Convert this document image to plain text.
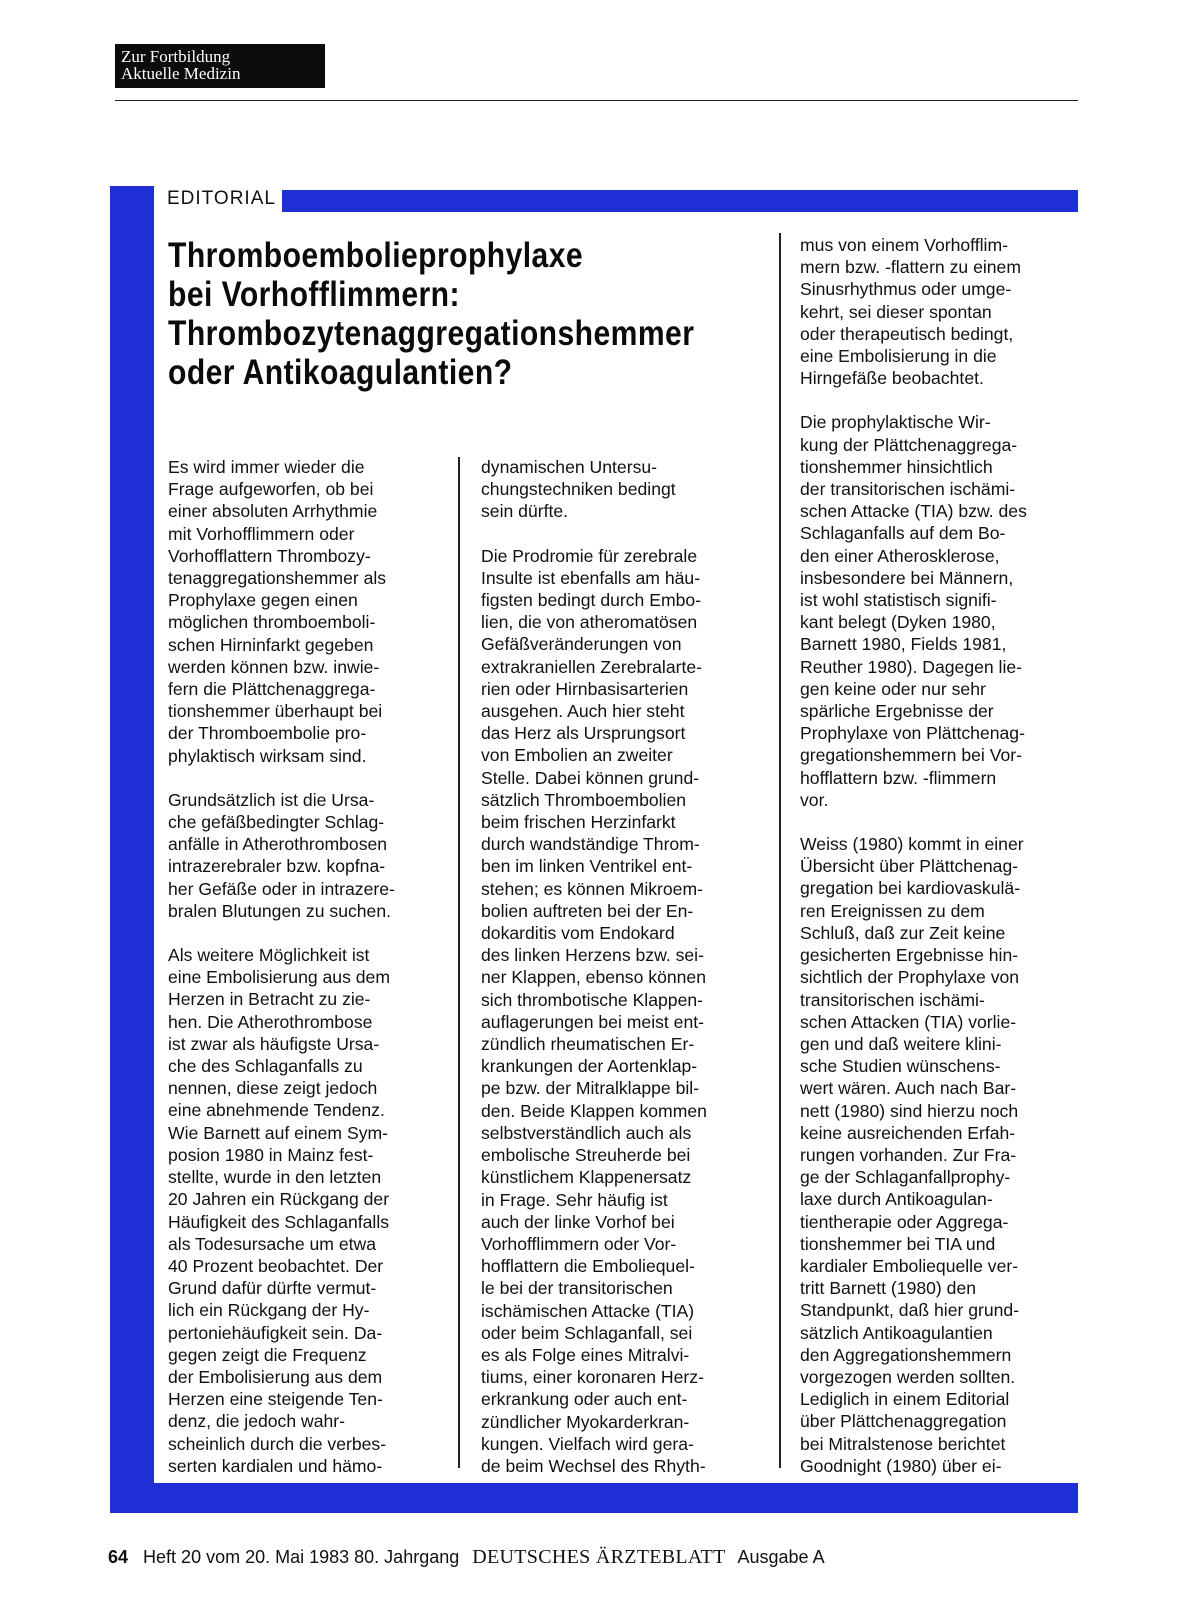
Zur Fortbildung
Aktuelle Medizin
EDITORIAL
Thromboembolieprophylaxe
bei Vorhofflimmern:
Thrombozytenaggregationshemmer
oder Antikoagulantien?

Es wird immer wieder die
Frage aufgeworfen, ob bei
einer absoluten Arrhythmie
mit Vorhofflimmern oder
Vorhofflattern Thrombozy-
tenaggregationshemmer als
Prophylaxe gegen einen
möglichen thromboemboli-
schen Hirninfarkt gegeben
werden können bzw. inwie-
fern die Plättchenaggrega-
tionshemmer überhaupt bei
der Thromboembolie pro-
phylaktisch wirksam sind.

Grundsätzlich ist die Ursa-
che gefäßbedingter Schlag-
anfälle in Atherothrombosen
intrazerebraler bzw. kopfna-
her Gefäße oder in intrazere-
bralen Blutungen zu suchen.

Als weitere Möglichkeit ist
eine Embolisierung aus dem
Herzen in Betracht zu zie-
hen. Die Atherothrombose
ist zwar als häufigste Ursa-
che des Schlaganfalls zu
nennen, diese zeigt jedoch
eine abnehmende Tendenz.
Wie Barnett auf einem Sym-
posion 1980 in Mainz fest-
stellte, wurde in den letzten
20 Jahren ein Rückgang der
Häufigkeit des Schlaganfalls
als Todesursache um etwa
40 Prozent beobachtet. Der
Grund dafür dürfte vermut-
lich ein Rückgang der Hy-
pertoniehäufigkeit sein. Da-
gegen zeigt die Frequenz
der Embolisierung aus dem
Herzen eine steigende Ten-
denz, die jedoch wahr-
scheinlich durch die verbes-
serten kardialen und hämo-

dynamischen Untersu-
chungstechniken bedingt
sein dürfte.

Die Prodromie für zerebrale
Insulte ist ebenfalls am häu-
figsten bedingt durch Embo-
lien, die von atheromatösen
Gefäßveränderungen von
extrakraniellen Zerebralarte-
rien oder Hirnbasisarterien
ausgehen. Auch hier steht
das Herz als Ursprungsort
von Embolien an zweiter
Stelle. Dabei können grund-
sätzlich Thromboembolien
beim frischen Herzinfarkt
durch wandständige Throm-
ben im linken Ventrikel ent-
stehen; es können Mikroem-
bolien auftreten bei der En-
dokarditis vom Endokard
des linken Herzens bzw. sei-
ner Klappen, ebenso können
sich thrombotische Klappen-
auflagerungen bei meist ent-
zündlich rheumatischen Er-
krankungen der Aortenklap-
pe bzw. der Mitralklappe bil-
den. Beide Klappen kommen
selbstverständlich auch als
embolische Streuherde bei
künstlichem Klappenersatz
in Frage. Sehr häufig ist
auch der linke Vorhof bei
Vorhofflimmern oder Vor-
hofflattern die Emboliequel-
le bei der transitorischen
ischämischen Attacke (TIA)
oder beim Schlaganfall, sei
es als Folge eines Mitralvi-
tiums, einer koronaren Herz-
erkrankung oder auch ent-
zündlicher Myokarderkran-
kungen. Vielfach wird gera-
de beim Wechsel des Rhyth-

mus von einem Vorhofflim-
mern bzw. -flattern zu einem
Sinusrhythmus oder umge-
kehrt, sei dieser spontan
oder therapeutisch bedingt,
eine Embolisierung in die
Hirngefäße beobachtet.

Die prophylaktische Wir-
kung der Plättchenaggrega-
tionshemmer hinsichtlich
der transitorischen ischämi-
schen Attacke (TIA) bzw. des
Schlaganfalls auf dem Bo-
den einer Atherosklerose,
insbesondere bei Männern,
ist wohl statistisch signifi-
kant belegt (Dyken 1980,
Barnett 1980, Fields 1981,
Reuther 1980). Dagegen lie-
gen keine oder nur sehr
spärliche Ergebnisse der
Prophylaxe von Plättchenag-
gregationshemmern bei Vor-
hofflattern bzw. -flimmern
vor.

Weiss (1980) kommt in einer
Übersicht über Plättchenag-
gregation bei kardiovaskulä-
ren Ereignissen zu dem
Schluß, daß zur Zeit keine
gesicherten Ergebnisse hin-
sichtlich der Prophylaxe von
transitorischen ischämi-
schen Attacken (TIA) vorlie-
gen und daß weitere klini-
sche Studien wünschens-
wert wären. Auch nach Bar-
nett (1980) sind hierzu noch
keine ausreichenden Erfah-
rungen vorhanden. Zur Fra-
ge der Schlaganfallprophy-
laxe durch Antikoagulan-
tientherapie oder Aggrega-
tionshemmer bei TIA und
kardialer Emboliequelle ver-
tritt Barnett (1980) den
Standpunkt, daß hier grund-
sätzlich Antikoagulantien
den Aggregationshemmern
vorgezogen werden sollten.
Lediglich in einem Editorial
über Plättchenaggregation
bei Mitralstenose berichtet
Goodnight (1980) über ei-

64 Heft 20 vom 20. Mai 1983 80. Jahrgang DEUTSCHES ÄRZTEBLATT Ausgabe A
